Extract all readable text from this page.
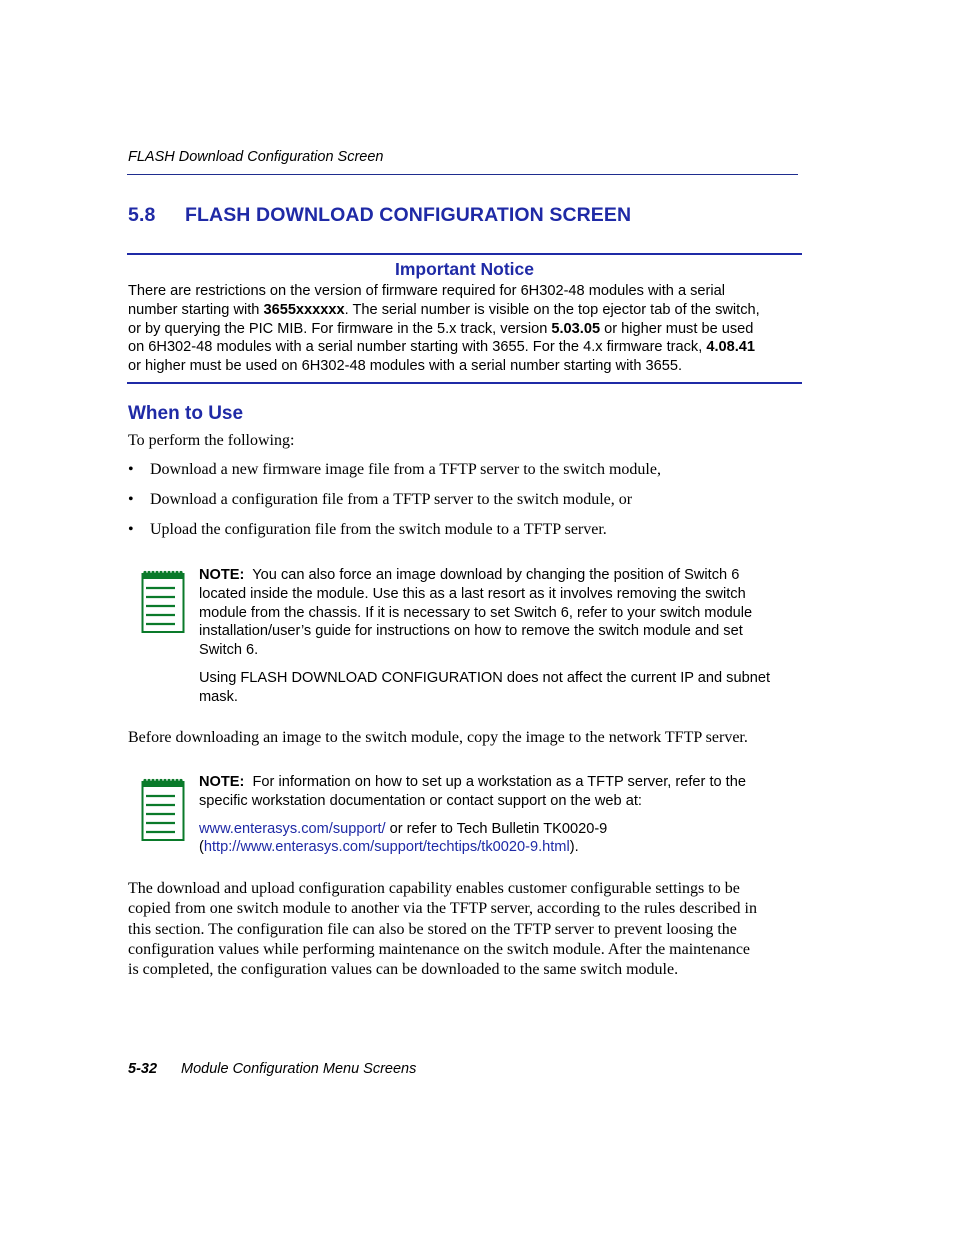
FLASH Download Configuration Screen
5.8 FLASH DOWNLOAD CONFIGURATION SCREEN
Important Notice
There are restrictions on the version of firmware required for 6H302-48 modules with a serial
number starting with 3655xxxxxx. The serial number is visible on the top ejector tab of the switch,
or by querying the PIC MIB. For firmware in the 5.x track, version 5.03.05 or higher must be used
on 6H302-48 modules with a serial number starting with 3655. For the 4.x firmware track, 4.08.41
or higher must be used on 6H302-48 modules with a serial number starting with 3655.
When to Use
To perform the following:
• Download a new firmware image file from a TFTP server to the switch module,
• Download a configuration file from a TFTP server to the switch module, or
• Upload the configuration file from the switch module to a TFTP server.
NOTE: You can also force an image download by changing the position of Switch 6
located inside the module. Use this as a last resort as it involves removing the switch
module from the chassis. If it is necessary to set Switch 6, refer to your switch module
installation/user’s guide for instructions on how to remove the switch module and set
Switch 6.
Using FLASH DOWNLOAD CONFIGURATION does not affect the current IP and subnet
mask.
Before downloading an image to the switch module, copy the image to the network TFTP server.
NOTE: For information on how to set up a workstation as a TFTP server, refer to the
specific workstation documentation or contact support on the web at:
www.enterasys.com/support/ or refer to Tech Bulletin TK0020-9
(http://www.enterasys.com/support/techtips/tk0020-9.html).
The download and upload configuration capability enables customer configurable settings to be
copied from one switch module to another via the TFTP server, according to the rules described in
this section. The configuration file can also be stored on the TFTP server to prevent loosing the
configuration values while performing maintenance on the switch module. After the maintenance
is completed, the configuration values can be downloaded to the same switch module.
5-32 Module Configuration Menu Screens
